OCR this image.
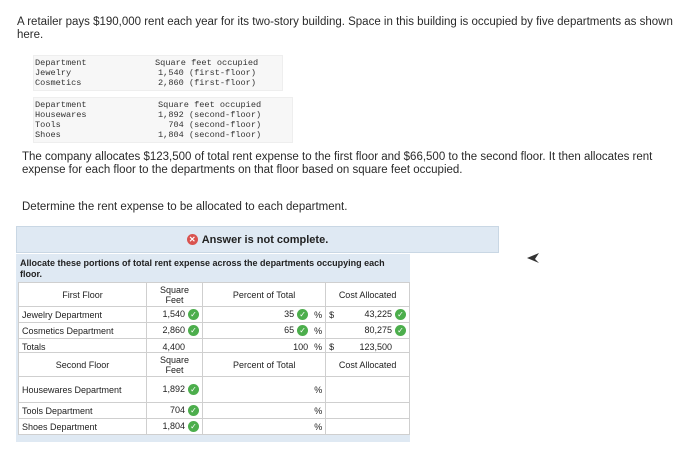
A retailer pays $190,000 rent each year for its two-story building. Space in this building is occupied by five departments as shown here.
Department	Square feet occupied
Jewelry	1,540 (first-floor)
Cosmetics	2,860 (first-floor)
Department	Square feet occupied
Housewares	1,892 (second-floor)
Tools	704 (second-floor)
Shoes	1,804 (second-floor)
The company allocates $123,500 of total rent expense to the first floor and $66,500 to the second floor. It then allocates rent expense for each floor to the departments on that floor based on square feet occupied.
Determine the rent expense to be allocated to each department.
✕ Answer is not complete.
Allocate these portions of total rent expense across the departments occupying each floor.
First Floor	Square Feet	Percent of Total		Cost Allocated	
Jewelry Department	1,540 ✓	35 ✓	%	$	43,225 ✓
Cosmetics Department	2,860 ✓	65 ✓	%		80,275 ✓
Totals	4,400	100	%	$	123,500
Second Floor	Square Feet	Percent of Total		Cost Allocated	
Housewares Department	1,892 ✓		%		
Tools Department	704 ✓		%		
Shoes Department	1,804 ✓		%		
